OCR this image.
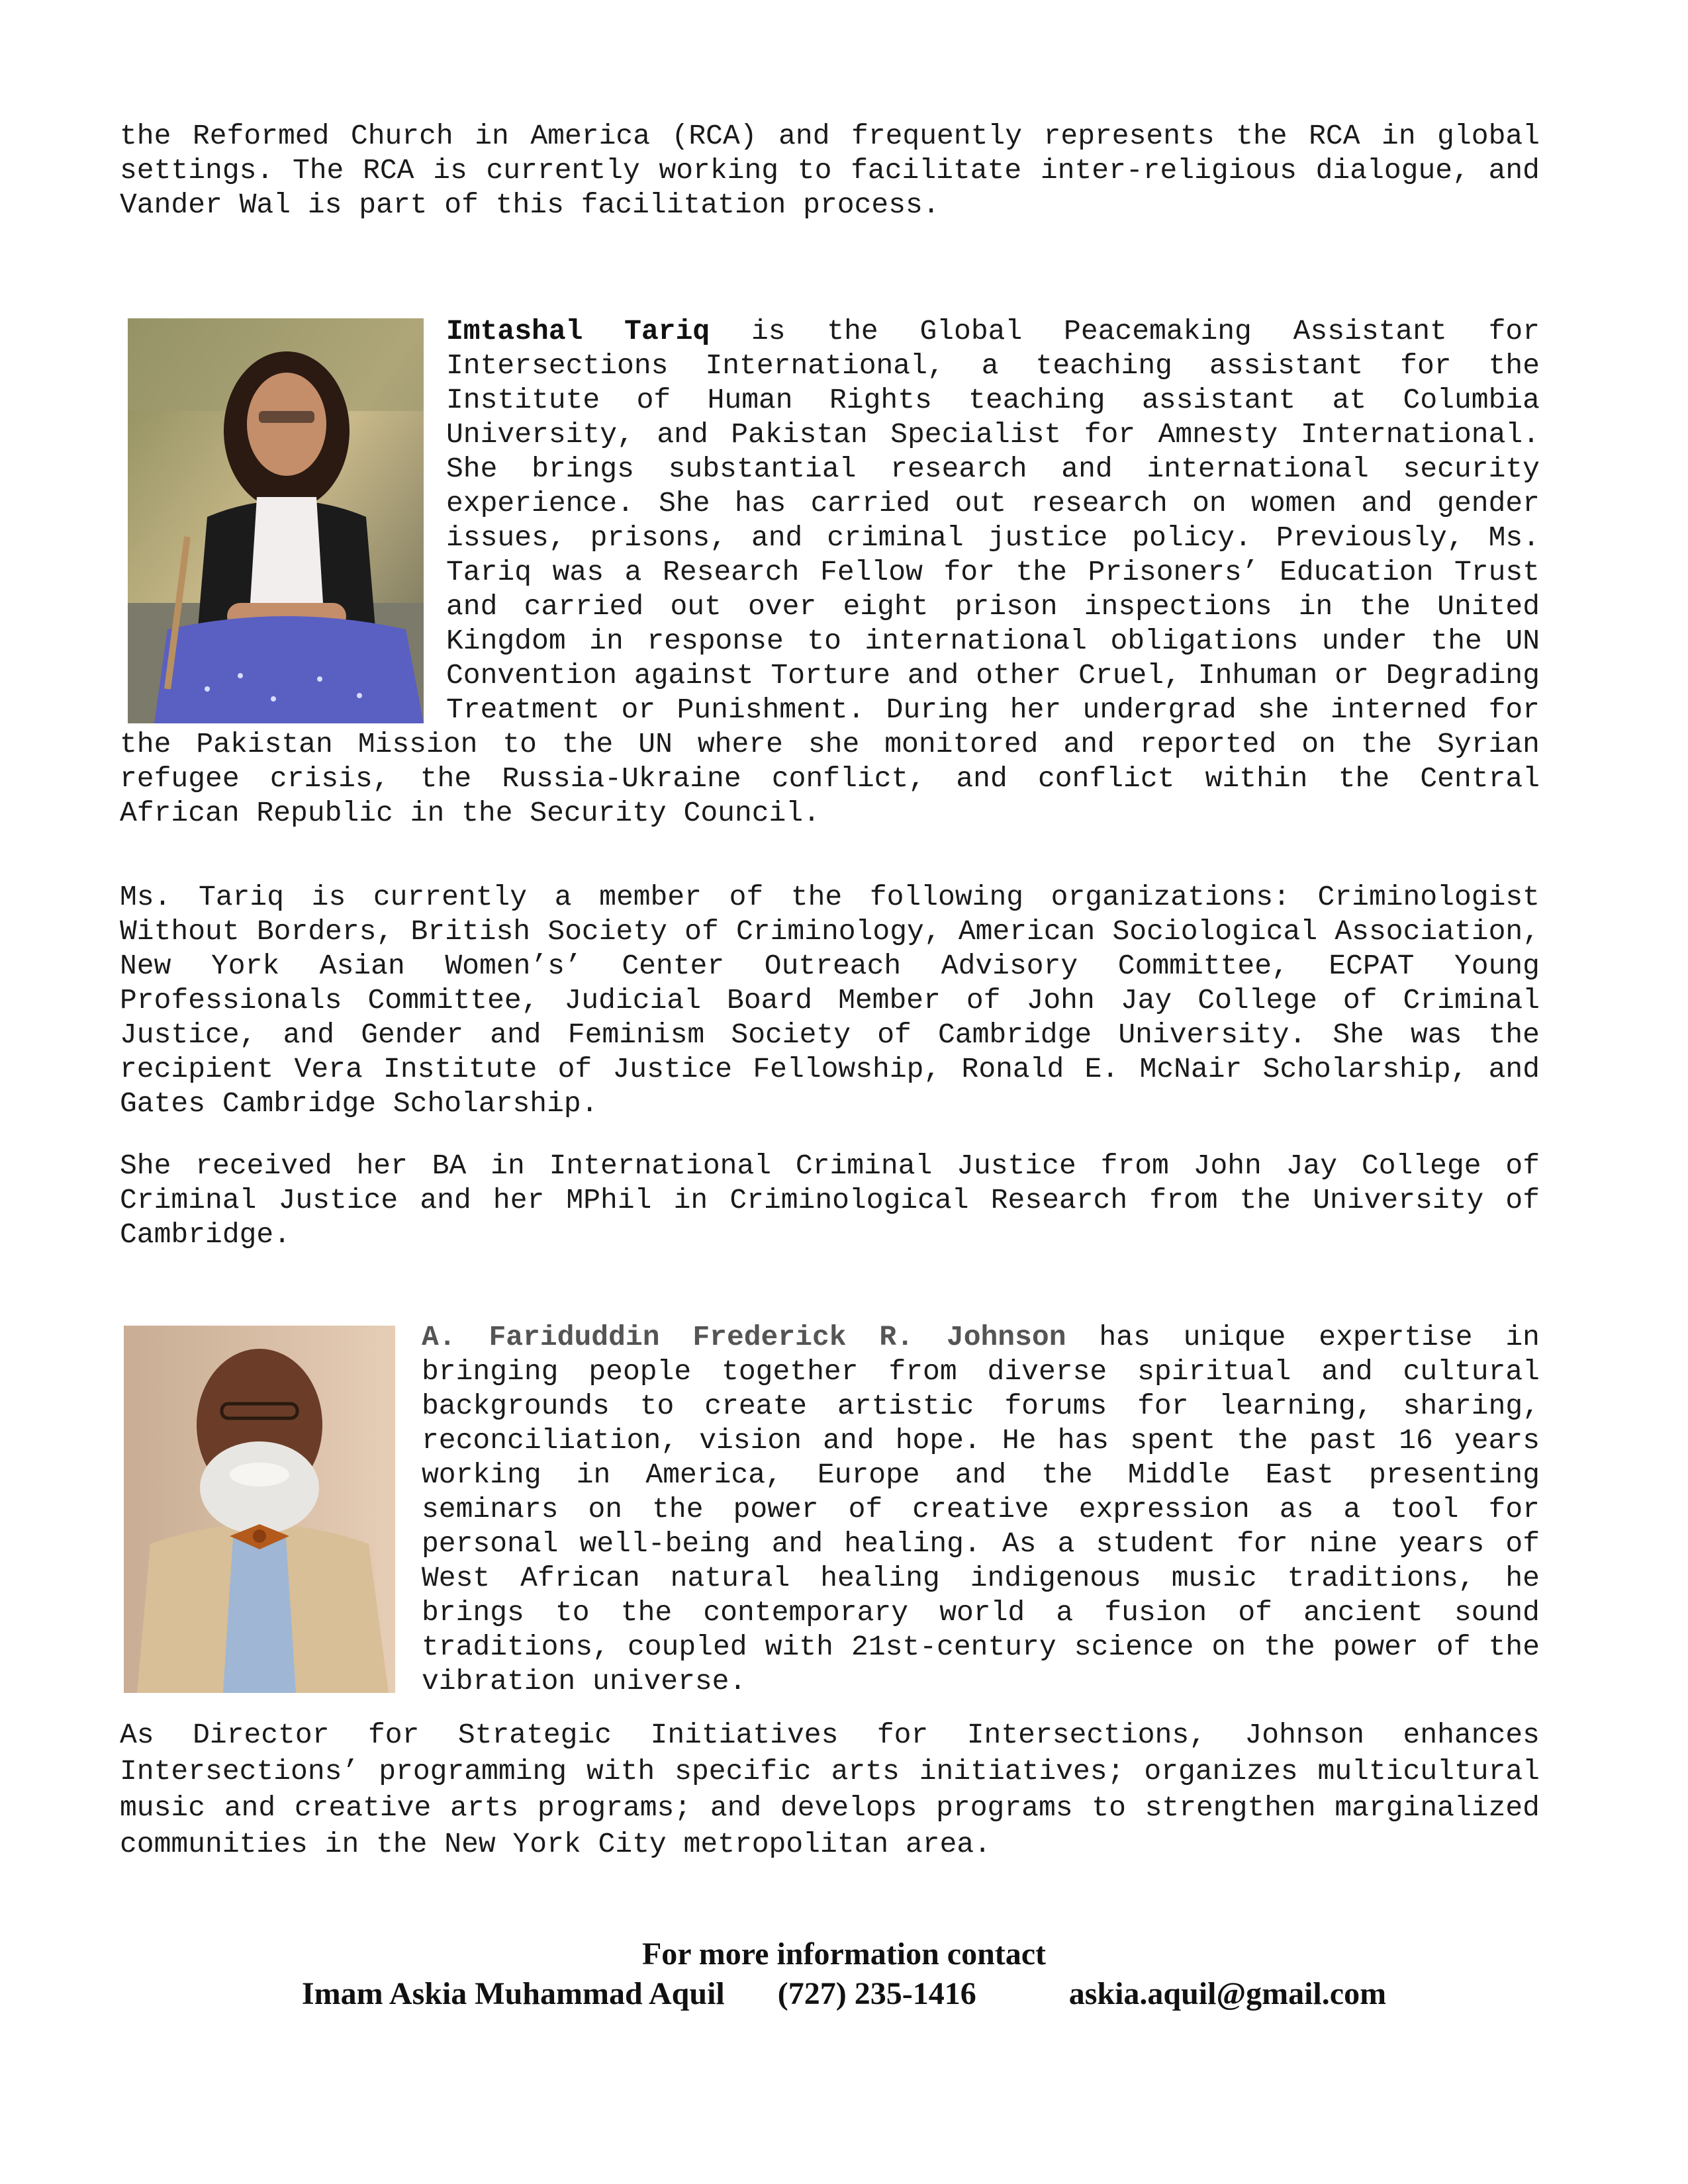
the Reformed Church in America (RCA) and frequently represents the RCA in global settings. The RCA is currently working to facilitate inter-religious dialogue, and Vander Wal is part of this facilitation process.

Imtashal Tariq is the Global Peacemaking Assistant for Intersections International, a teaching assistant for the Institute of Human Rights teaching assistant at Columbia University, and Pakistan Specialist for Amnesty International. She brings substantial research and international security experience. She has carried out research on women and gender issues, prisons, and criminal justice policy. Previously, Ms. Tariq was a Research Fellow for the Prisoners’ Education Trust and carried out over eight prison inspections in the United Kingdom in response to international obligations under the UN Convention against Torture and other Cruel, Inhuman or Degrading Treatment or Punishment. During her undergrad she interned for the Pakistan Mission to the UN where she monitored and reported on the Syrian refugee crisis, the Russia-Ukraine conflict, and conflict within the Central African Republic in the Security Council.

Ms. Tariq is currently a member of the following organizations: Criminologist Without Borders, British Society of Criminology, American Sociological Association, New York Asian Women’s’ Center Outreach Advisory Committee, ECPAT Young Professionals Committee, Judicial Board Member of John Jay College of Criminal Justice, and Gender and Feminism Society of Cambridge University. She was the recipient Vera Institute of Justice Fellowship, Ronald E. McNair Scholarship, and Gates Cambridge Scholarship.

She received her BA in International Criminal Justice from John Jay College of Criminal Justice and her MPhil in Criminological Research from the University of Cambridge.

A. Fariduddin Frederick R. Johnson has unique expertise in bringing people together from diverse spiritual and cultural backgrounds to create artistic forums for learning, sharing, reconciliation, vision and hope. He has spent the past 16 years working in America, Europe and the Middle East presenting seminars on the power of creative expression as a tool for personal well-being and healing. As a student for nine years of West African natural healing indigenous music traditions, he brings to the contemporary world a fusion of ancient sound traditions, coupled with 21st-century science on the power of the vibration universe.

As Director for Strategic Initiatives for Intersections, Johnson enhances Intersections’ programming with specific arts initiatives; organizes multicultural music and creative arts programs; and develops programs to strengthen marginalized communities in the New York City metropolitan area.

For more information contact
Imam Askia Muhammad Aquil (727) 235-1416	askia.aquil@gmail.com
